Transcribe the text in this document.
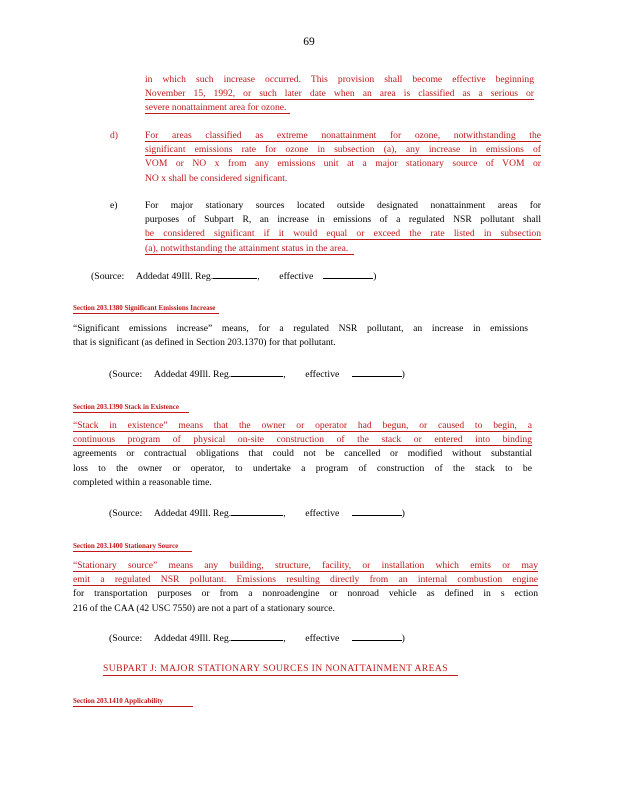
69
in which such increase occurred. This provision shall become effective beginning
November 15, 1992, or such later date when an area is classified as a serious or
severe nonattainment area for ozone.
d)	For areas classified as extreme nonattainment for ozone, notwithstanding the
significant emissions rate for ozone in subsection (a), any increase in emissions of
VOM or NO x from any emissions unit at a major stationary source of VOM or
NO x shall be considered significant.
e)	For major stationary sources located outside designated nonattainment areas for
purposes of Subpart R, an increase in emissions of a regulated NSR pollutant shall
be considered significant if it would equal or exceed the rate listed in subsection
(a), notwithstanding the attainment status in the area.
(Source: Addedat 49Ill. Reg.	, effective	)
Section 203.1380 Significant Emissions Increase
“Significant emissions increase” means, for a regulated NSR pollutant, an increase in emissions
that is significant (as defined in Section 203.1370) for that pollutant.
(Source: Addedat 49Ill. Reg.	, effective	)
Section 203.1390 Stack in Existence
“Stack in existence” means that the owner or operator had begun, or caused to begin, a
continuous program of physical on-site construction of the stack or entered into binding
agreements or contractual obligations that could not be cancelled or modified without substantial
loss to the owner or operator, to undertake a program of construction of the stack to be
completed within a reasonable time.
(Source: Addedat 49Ill. Reg.	, effective	)
Section 203.1400 Stationary Source
“Stationary source” means any building, structure, facility, or installation which emits or may
emit a regulated NSR pollutant. Emissions resulting directly from an internal combustion engine
for transportation purposes or from a nonroadengine or nonroad vehicle as defined in s ection
216 of the CAA (42 USC 7550) are not a part of a stationary source.
(Source: Addedat 49Ill. Reg.	, effective	)
SUBPART J: MAJOR STATIONARY SOURCES IN NONATTAINMENT AREAS
Section 203.1410 Applicability
